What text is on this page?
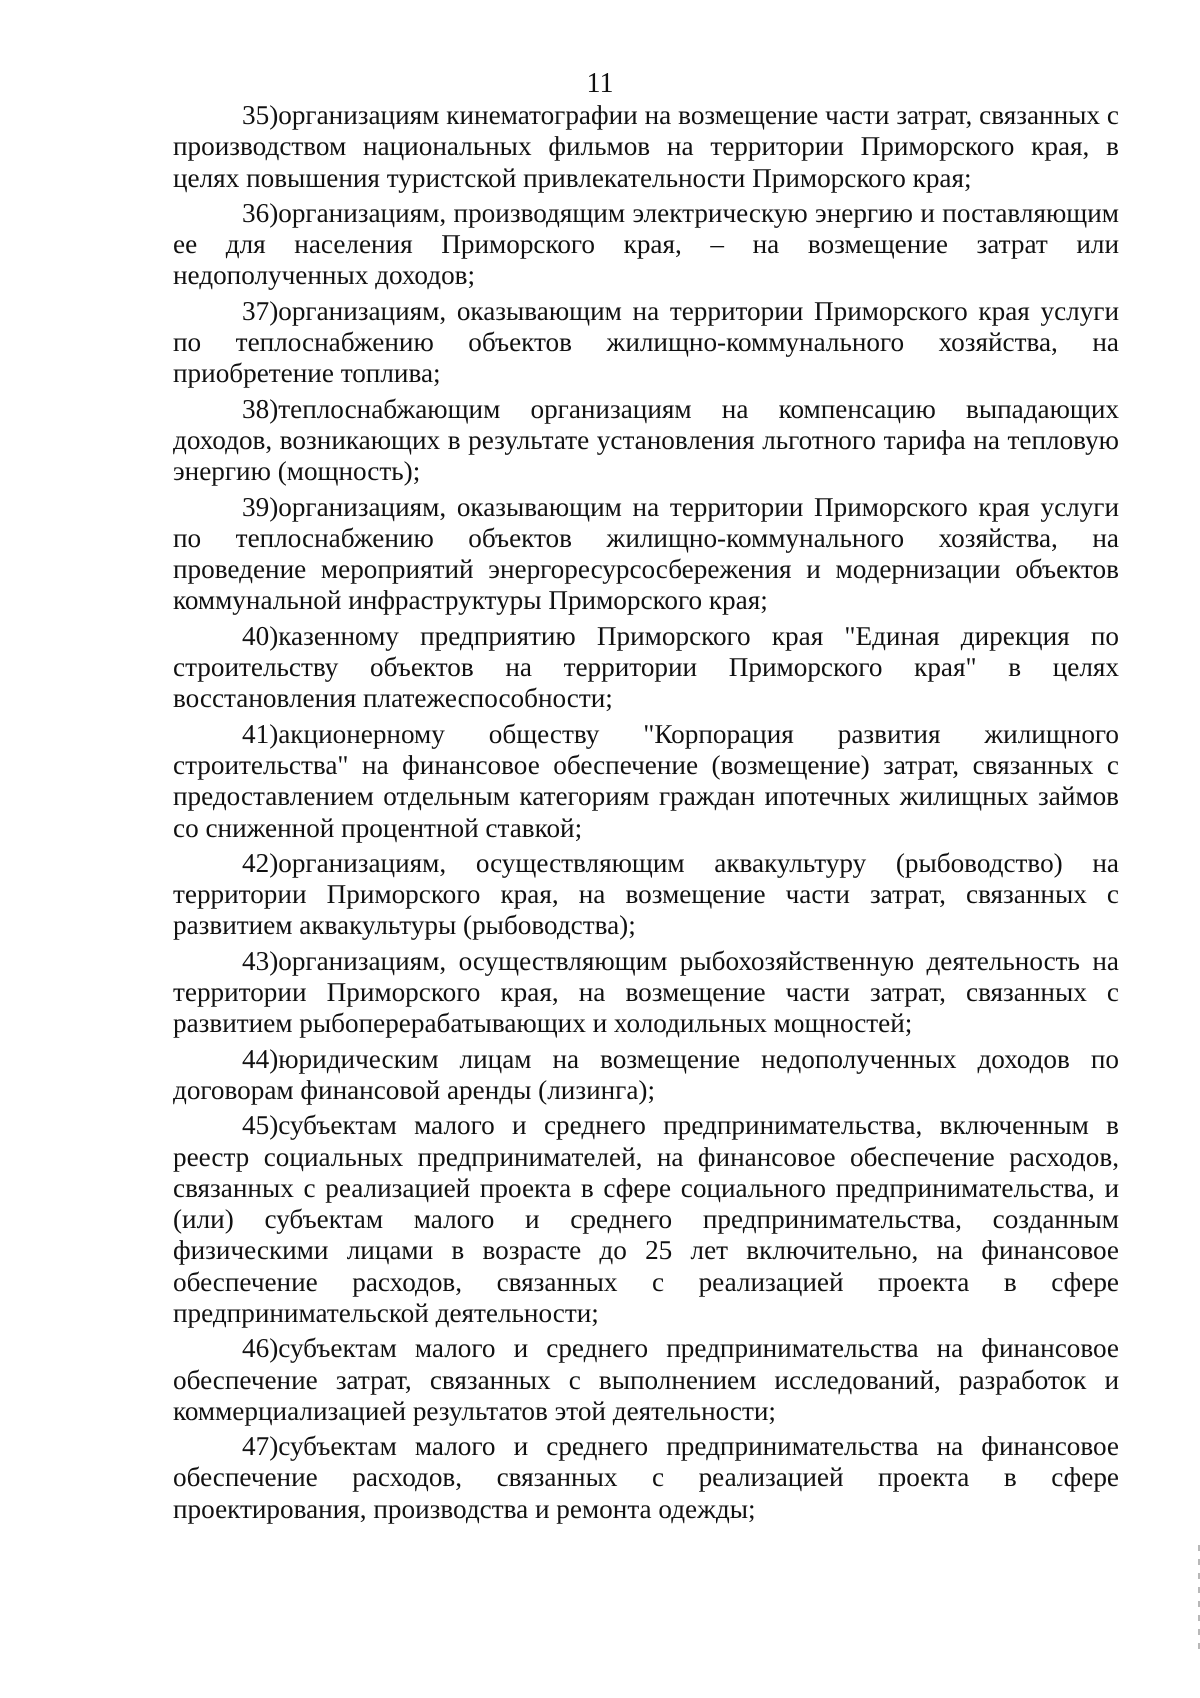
11

35)организациям кинематографии на возмещение части затрат, связанных с производством национальных фильмов на территории Приморского края, в целях повышения туристской привлекательности Приморского края;

36)организациям, производящим электрическую энергию и поставляющим ее для населения Приморского края, – на возмещение затрат или недополученных доходов;

37)организациям, оказывающим на территории Приморского края услуги по теплоснабжению объектов жилищно-коммунального хозяйства, на приобретение топлива;

38)теплоснабжающим организациям на компенсацию выпадающих доходов, возникающих в результате установления льготного тарифа на тепловую энергию (мощность);

39)организациям, оказывающим на территории Приморского края услуги по теплоснабжению объектов жилищно-коммунального хозяйства, на проведение мероприятий энергоресурсосбережения и модернизации объектов коммунальной инфраструктуры Приморского края;

40)казенному предприятию Приморского края "Единая дирекция по строительству объектов на территории Приморского края" в целях восстановления платежеспособности;

41)акционерному обществу "Корпорация развития жилищного строительства" на финансовое обеспечение (возмещение) затрат, связанных с предоставлением отдельным категориям граждан ипотечных жилищных займов со сниженной процентной ставкой;

42)организациям, осуществляющим аквакультуру (рыбоводство) на территории Приморского края, на возмещение части затрат, связанных с развитием аквакультуры (рыбоводства);

43)организациям, осуществляющим рыбохозяйственную деятельность на территории Приморского края, на возмещение части затрат, связанных с развитием рыбоперерабатывающих и холодильных мощностей;

44)юридическим лицам на возмещение недополученных доходов по договорам финансовой аренды (лизинга);

45)субъектам малого и среднего предпринимательства, включенным в реестр социальных предпринимателей, на финансовое обеспечение расходов, связанных с реализацией проекта в сфере социального предпринимательства, и (или) субъектам малого и среднего предпринимательства, созданным физическими лицами в возрасте до 25 лет включительно, на финансовое обеспечение расходов, связанных с реализацией проекта в сфере предпринимательской деятельности;

46)субъектам малого и среднего предпринимательства на финансовое обеспечение затрат, связанных с выполнением исследований, разработок и коммерциализацией результатов этой деятельности;

47)субъектам малого и среднего предпринимательства на финансовое обеспечение расходов, связанных с реализацией проекта в сфере проектирования, производства и ремонта одежды;
